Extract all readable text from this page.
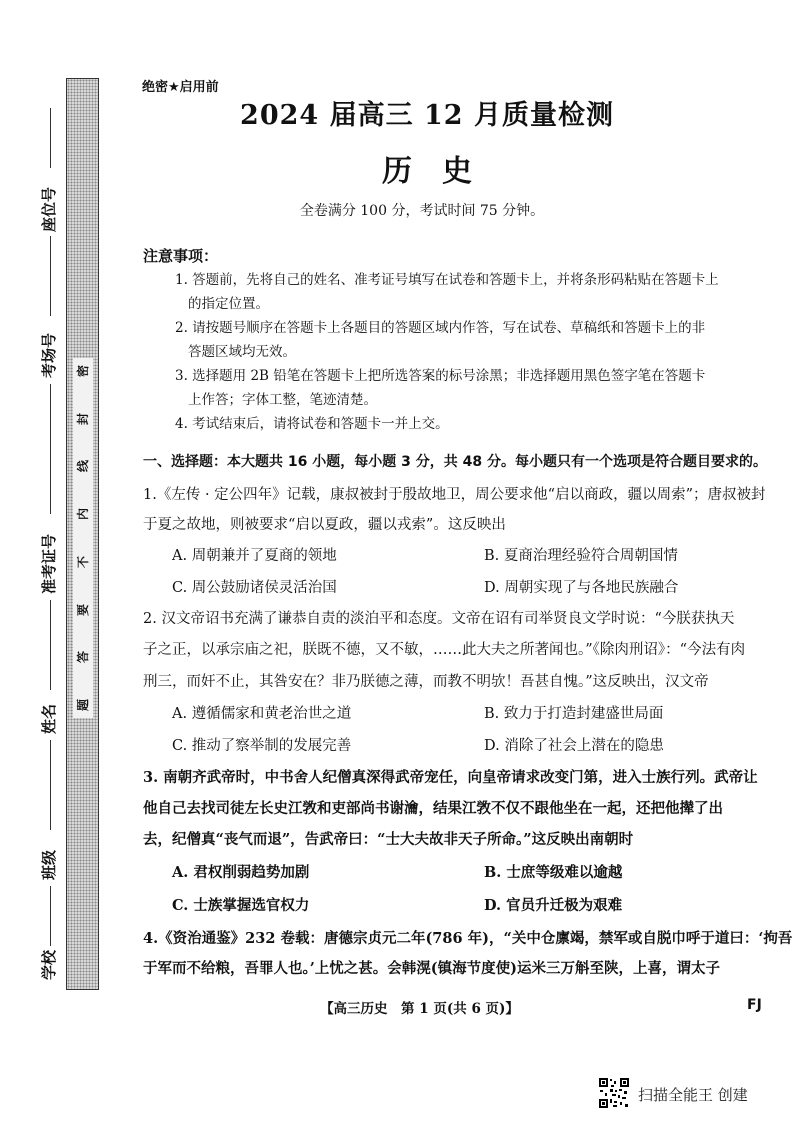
密
封
线
内
不
要
答
题
座位号
考场号
准考证号
姓名
班级
学校
绝密★启用前
2024 届高三 12 月质量检测
历史
全卷满分 100 分，考试时间 75 分钟。
注意事项：
1. 答题前，先将自己的姓名、准考证号填写在试卷和答题卡上，并将条形码粘贴在答题卡上
的指定位置。
2. 请按题号顺序在答题卡上各题目的答题区域内作答，写在试卷、草稿纸和答题卡上的非
答题区域均无效。
3. 选择题用 2B 铅笔在答题卡上把所选答案的标号涂黑；非选择题用黑色签字笔在答题卡
上作答；字体工整，笔迹清楚。
4. 考试结束后，请将试卷和答题卡一并上交。
一、选择题：本大题共 16 小题，每小题 3 分，共 48 分。每小题只有一个选项是符合题目要求的。
1.《左传 · 定公四年》记载，康叔被封于殷故地卫，周公要求他“启以商政，疆以周索”；唐叔被封
于夏之故地，则被要求“启以夏政，疆以戎索”。这反映出
A. 周朝兼并了夏商的领地	B. 夏商治理经验符合周朝国情
C. 周公鼓励诸侯灵活治国	D. 周朝实现了与各地民族融合
2. 汉文帝诏书充满了谦恭自责的淡泊平和态度。文帝在诏有司举贤良文学时说：“今朕获执天
子之正，以承宗庙之祀，朕既不德，又不敏，……此大夫之所著闻也。”《除肉刑诏》：“今法有肉
刑三，而奸不止，其咎安在？非乃朕德之薄，而教不明欤！吾甚自愧。”这反映出，汉文帝
A. 遵循儒家和黄老治世之道	B. 致力于打造封建盛世局面
C. 推动了察举制的发展完善	D. 消除了社会上潜在的隐患
3. 南朝齐武帝时，中书舍人纪僧真深得武帝宠任，向皇帝请求改变门第，进入士族行列。武帝让
他自己去找司徒左长史江敩和吏部尚书谢瀹，结果江敩不仅不跟他坐在一起，还把他撵了出
去，纪僧真“丧气而退”，告武帝曰：“士大夫故非天子所命。”这反映出南朝时
A. 君权削弱趋势加剧	B. 士庶等级难以逾越
C. 士族掌握选官权力	D. 官员升迁极为艰难
4.《资治通鉴》232 卷载：唐德宗贞元二年(786 年)，“关中仓廪竭，禁军或自脱巾呼于道曰：‘拘吾
于军而不给粮，吾罪人也。’上忧之甚。会韩滉(镇海节度使)运米三万斛至陕，上喜，谓太子
【高三历史　第 1 页(共 6 页)】	FJ
扫描全能王 创建
